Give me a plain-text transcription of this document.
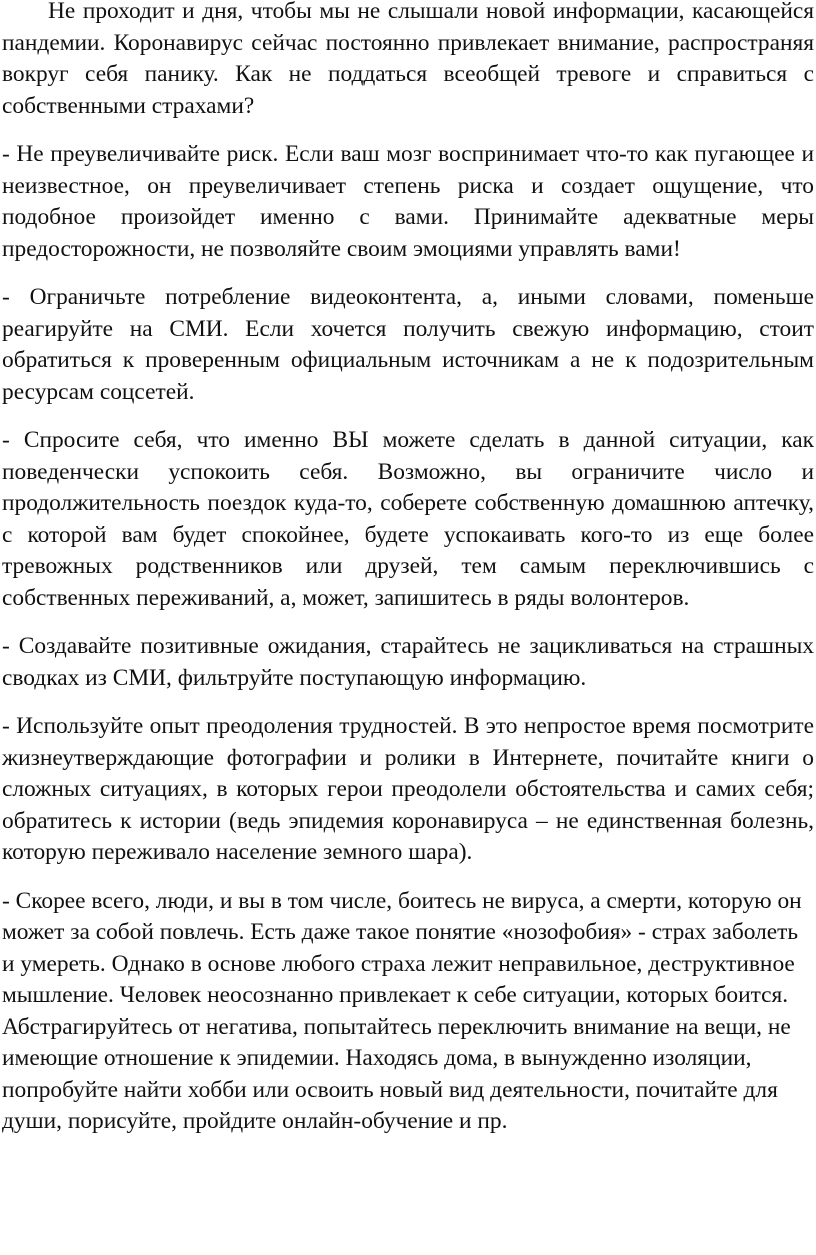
Не проходит и дня, чтобы мы не слышали новой информации, касающейся пандемии. Коронавирус сейчас постоянно привлекает внимание, распространяя вокруг себя панику. Как не поддаться всеобщей тревоге и справиться с собственными страхами?

- Не преувеличивайте риск. Если ваш мозг воспринимает что-то как пугающее и неизвестное, он преувеличивает степень риска и создает ощущение, что подобное произойдет именно с вами. Принимайте адекватные меры предосторожности, не позволяйте своим эмоциями управлять вами!

- Ограничьте потребление видеоконтента, а, иными словами, поменьше реагируйте на СМИ. Если хочется получить свежую информацию, стоит обратиться к проверенным официальным источникам а не к подозрительным ресурсам соцсетей.

- Спросите себя, что именно ВЫ можете сделать в данной ситуации, как поведенчески успокоить себя. Возможно, вы ограничите число и продолжительность поездок куда-то, соберете собственную домашнюю аптечку, с которой вам будет спокойнее, будете успокаивать кого-то из еще более тревожных родственников или друзей, тем самым переключившись с собственных переживаний, а, может, запишитесь в ряды волонтеров.

- Создавайте позитивные ожидания, старайтесь не зацикливаться на страшных сводках из СМИ, фильтруйте поступающую информацию.

- Используйте опыт преодоления трудностей. В это непростое время посмотрите жизнеутверждающие фотографии и ролики в Интернете, почитайте книги о сложных ситуациях, в которых герои преодолели обстоятельства и самих себя; обратитесь к истории (ведь эпидемия коронавируса – не единственная болезнь, которую переживало население земного шара).

- Скорее всего, люди, и вы в том числе, боитесь не вируса, а смерти, которую он может за собой повлечь. Есть даже такое понятие «нозофобия» - страх заболеть и умереть. Однако в основе любого страха лежит неправильное, деструктивное мышление. Человек неосознанно привлекает к себе ситуации, которых боится. Абстрагируйтесь от негатива, попытайтесь переключить внимание на вещи, не имеющие отношение к эпидемии. Находясь дома, в вынужденно изоляции, попробуйте найти хобби или освоить новый вид деятельности, почитайте для души, порисуйте, пройдите онлайн-обучение и пр.
